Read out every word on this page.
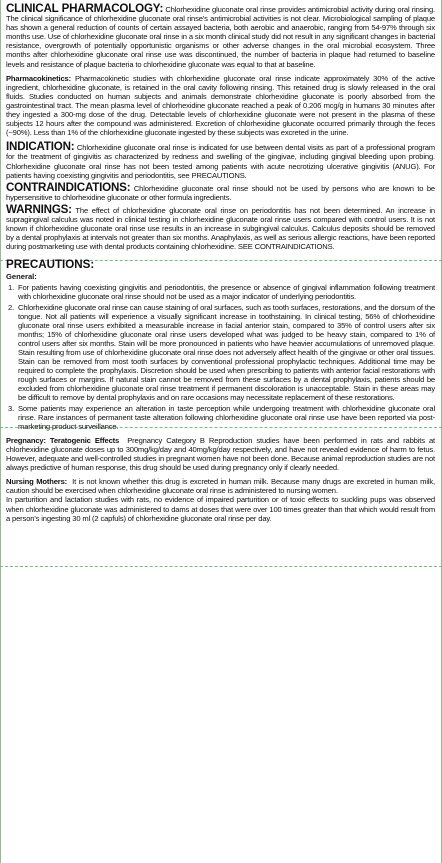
CLINICAL PHARMACOLOGY: Chlorhexidine gluconate oral rinse provides antimicrobial activity during oral rinsing. The clinical significance of chlorhexidine gluconate oral rinse's antimicrobial activities is not clear. Microbiological sampling of plaque has shown a general reduction of counts of certain assayed bacteria, both aerobic and anaerobic, ranging from 54-97% through six months use. Use of chlorhexidine gluconate oral rinse in a six month clinical study did not result in any significant changes in bacterial resistance, overgrowth of potentially opportunistic organisms or other adverse changes in the oral microbial ecosystem. Three months after chlorhexidine gluconate oral rinse use was discontinued, the number of bacteria in plaque had returned to baseline levels and resistance of plaque bacteria to chlorhexidine gluconate was equal to that at baseline.

Pharmacokinetics: Pharmacokinetic studies with chlorhexidine gluconate oral rinse indicate approximately 30% of the active ingredient, chlorhexidine gluconate, is retained in the oral cavity following rinsing. This retained drug is slowly released in the oral fluids. Studies conducted on human subjects and animals demonstrate chlorhexidine gluconate is poorly absorbed from the gastrointestinal tract. The mean plasma level of chlorhexidine gluconate reached a peak of 0.206 mcg/g in humans 30 minutes after they ingested a 300-mg dose of the drug. Detectable levels of chlorhexidine gluconate were not present in the plasma of these subjects 12 hours after the compound was administered. Excretion of chlorhexidine gluconate occurred primarily through the feces (~90%). Less than 1% of the chlorhexidine gluconate ingested by these subjects was excreted in the urine.

INDICATION: Chlorhexidine gluconate oral rinse is indicated for use between dental visits as part of a professional program for the treatment of gingivitis as characterized by redness and swelling of the gingivae, including gingival bleeding upon probing. Chlorhexidine gluconate oral rinse has not been tested among patients with acute necrotizing ulcerative gingivitis (ANUG). For patients having coexisting gingivitis and periodontitis, see PRECAUTIONS.

CONTRAINDICATIONS: Chlorhexidine gluconate oral rinse should not be used by persons who are known to be hypersensitive to chlorhexidine gluconate or other formula ingredients.

WARNINGS: The effect of chlorhexidine gluconate oral rinse on periodontitis has not been determined. An increase in supragingival calculus was noted in clinical testing in chlorhexidine gluconate oral rinse users compared with control users. It is not known if chlorhexidine gluconate oral rinse use results in an increase in subgingival calculus. Calculus deposits should be removed by a dental prophylaxis at intervals not greater than six months. Anaphylaxis, as well as serious allergic reactions, have been reported during postmarketing use with dental products containing chlorhexidine. SEE CONTRAINDICATIONS.

PRECAUTIONS:
General:
1. For patients having coexisting gingivitis and periodontitis, the presence or absence of gingival inflammation following treatment with chlorhexidine gluconate oral rinse should not be used as a major indicator of underlying periodontitis.
2. Chlorhexidine gluconate oral rinse can cause staining of oral surfaces, such as tooth surfaces, restorations, and the dorsum of the tongue. Not all patients will experience a visually significant increase in toothstaining. In clinical testing, 56% of chlorhexidine gluconate oral rinse users exhibited a measurable increase in facial anterior stain, compared to 35% of control users after six months; 15% of chlorhexidine gluconate oral rinse users developed what was judged to be heavy stain, compared to 1% of control users after six months. Stain will be more pronounced in patients who have heavier accumulations of unremoved plaque. Stain resulting from use of chlorhexidine gluconate oral rinse does not adversely affect health of the gingivae or other oral tissues. Stain can be removed from most tooth surfaces by conventional professional prophylactic techniques. Additional time may be required to complete the prophylaxis. Discretion should be used when prescribing to patients with anterior facial restorations with rough surfaces or margins. If natural stain cannot be removed from these surfaces by a dental prophylaxis, patients should be excluded from chlorhexidine gluconate oral rinse treatment if permanent discoloration is unacceptable. Stain in these areas may be difficult to remove by dental prophylaxis and on rare occasions may necessitate replacement of these restorations.
3. Some patients may experience an alteration in taste perception while undergoing treatment with chlorhexidine gluconate oral rinse. Rare instances of permanent taste alteration following chlorhexidine gluconate oral rinse use have been reported via post-marketing product surveillance.

Pregnancy: Teratogenic Effects Pregnancy Category B Reproduction studies have been performed in rats and rabbits at chlorhexidine gluconate doses up to 300mg/kg/day and 40mg/kg/day respectively, and have not revealed evidence of harm to fetus. However, adequate and well-controlled studies in pregnant women have not been done. Because animal reproduction studies are not always predictive of human response, this drug should be used during pregnancy only if clearly needed.

Nursing Mothers: It is not known whether this drug is excreted in human milk. Because many drugs are excreted in human milk, caution should be exercised when chlorhexidine gluconate oral rinse is administered to nursing women.

In parturition and lactation studies with rats, no evidence of impaired parturition or of toxic effects to suckling pups was observed when chlorhexidine gluconate was administered to dams at doses that were over 100 times greater than that which would result from a person's ingesting 30 ml (2 capfuls) of chlorhexidine gluconate oral rinse per day.
